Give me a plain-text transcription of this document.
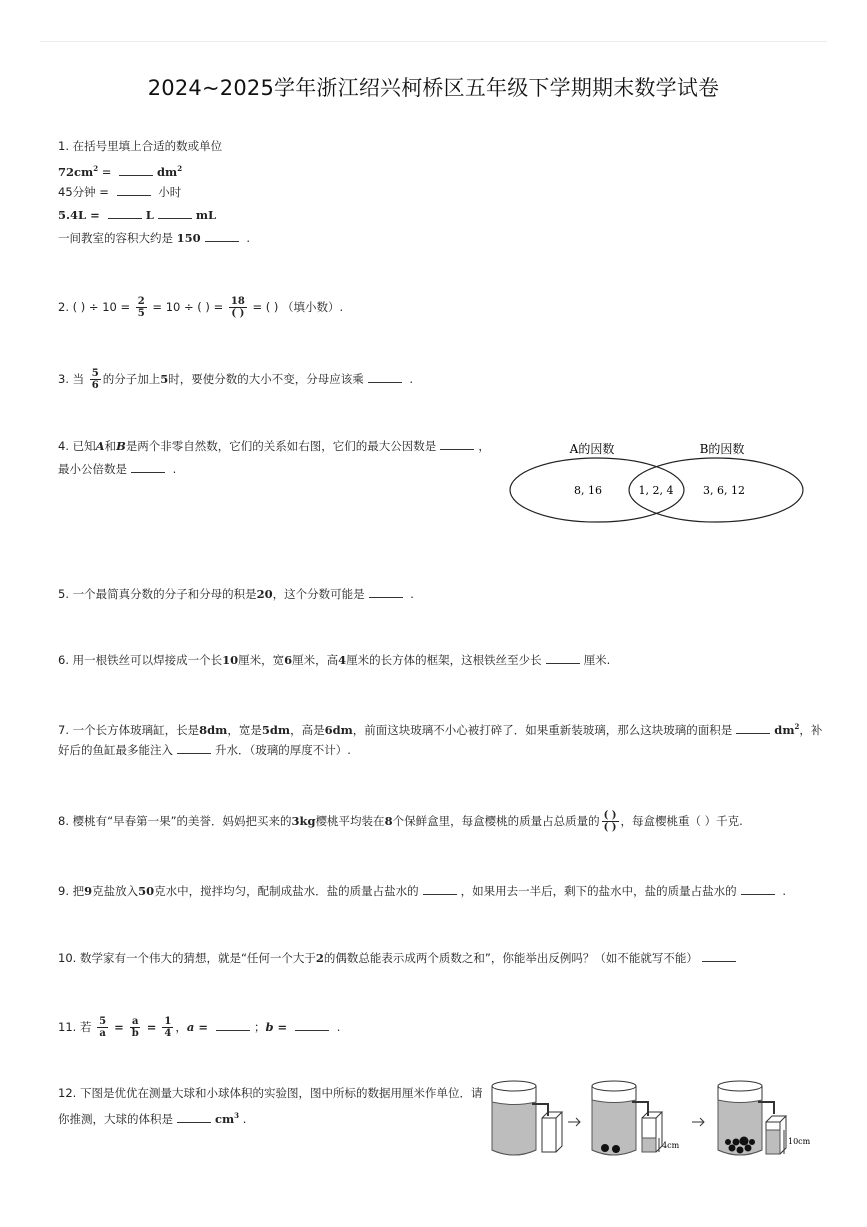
2024~2025学年浙江绍兴柯桥区五年级下学期期末数学试卷
1. 在括号里填上合适的数或单位
$72cm^2$ =	$dm^2$
45分钟 =	小时
5.4L =	L	mL
一间教室的容积大约是 150	.
2. ( ) ÷ $10 = \frac{2}{5} = 10$ ÷ ( ) = $\frac{18}{( )}$ = ( ) （填小数）.
3. 当 $\frac{5}{6}$ 的分子加上5时，要使分数的大小不变，分母应该乘	.
4. 已知A和B是两个非零自然数，它们的关系如右图，它们的最大公因数是	，
最小公倍数是	.
A的因数	B的因数
8, 16	1, 2, 4	3, 6, 12
5. 一个最简真分数的分子和分母的积是20，这个分数可能是	.
6. 用一根铁丝可以焊接成一个长10厘米，宽6厘米，高4厘米的长方体的框架，这根铁丝至少长	厘米.
7. 一个长方体玻璃缸，长是8dm，宽是5dm，高是6dm，前面这块玻璃不小心被打碎了．如果重新装玻璃，那么这块玻璃的面积是	$dm^2$，补
好后的鱼缸最多能注入	升水．（玻璃的厚度不计）.
8. 樱桃有“早春第一果”的美誉．妈妈把买来的3kg樱桃平均装在8个保鲜盒里，每盒樱桃的质量占总质量的 $\frac{( )}{( )}$ ，每盒樱桃重（ ）千克.
9. 把9克盐放入50克水中，搅拌均匀，配制成盐水．盐的质量占盐水的	，如果用去一半后，剩下的盐水中，盐的质量占盐水的	.
10. 数学家有一个伟大的猜想，就是“任何一个大于2的偶数总能表示成两个质数之和”，你能举出反例吗？（如不能就写不能）
11. 若 $\frac{5}{a} = \frac{a}{b} = \frac{1}{4}$ ，a =	；b =	.
12. 下图是优优在测量大球和小球体积的实验图，图中所标的数据用厘米作单位．请
你推测，大球的体积是	$cm^3$ .
4cm	10cm
